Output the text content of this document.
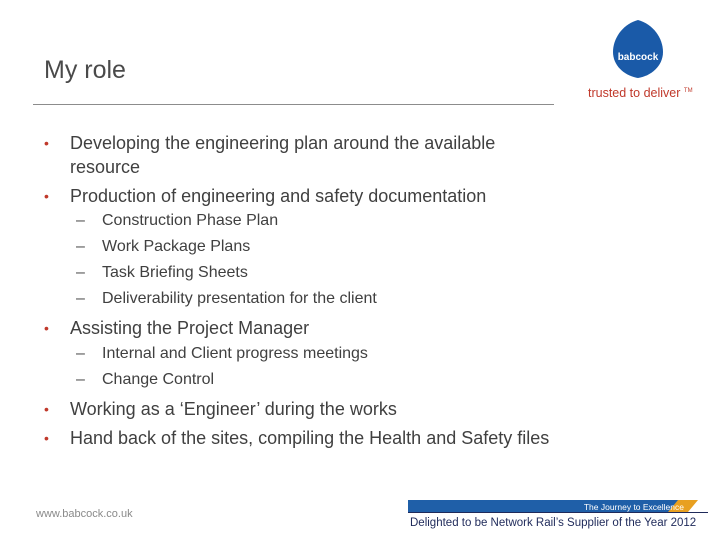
My role	babcock
trusted to deliver ™
• Developing the engineering plan around the available resource
• Production of engineering and safety documentation
– Construction Phase Plan
– Work Package Plans
– Task Briefing Sheets
– Deliverability presentation for the client
• Assisting the Project Manager
– Internal and Client progress meetings
– Change Control
• Working as a ‘Engineer’ during the works
• Hand back of the sites, compiling the Health and Safety files
www.babcock.co.uk
The Journey to Excellence
Delighted to be Network Rail’s Supplier of the Year 2012
